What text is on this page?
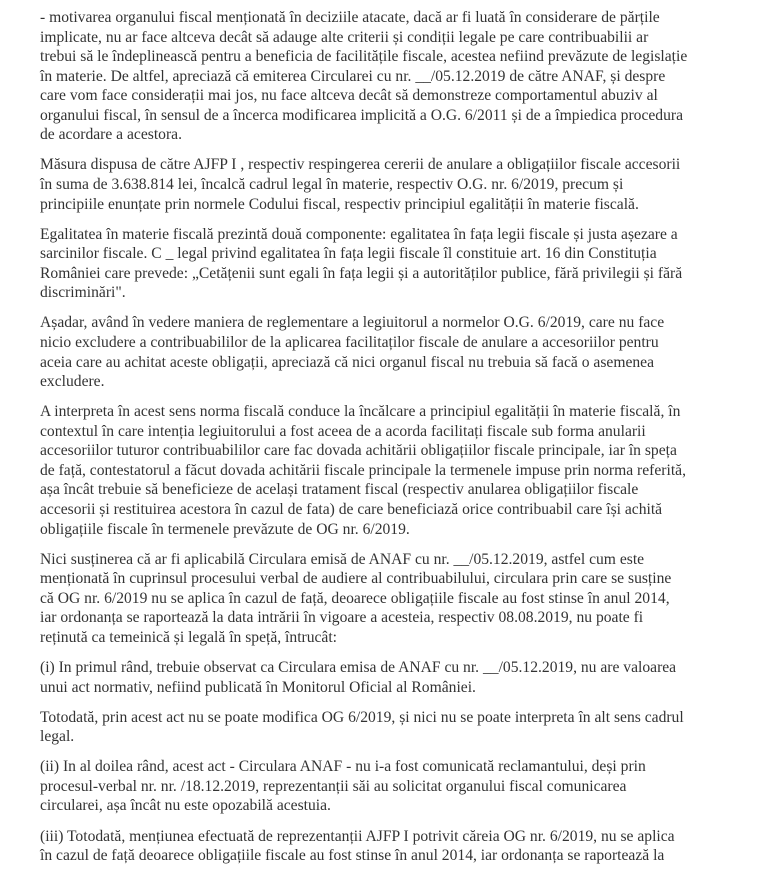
- motivarea organului fiscal menționată în deciziile atacate, dacă ar fi luată în considerare de părțile
implicate, nu ar face altceva decât să adauge alte criterii și condiții legale pe care contribuabilii ar
trebui să le îndeplinească pentru a beneficia de facilitățile fiscale, acestea nefiind prevăzute de legislație
în materie. De altfel, apreciază că emiterea Circularei cu nr. __/05.12.2019 de către ANAF, și despre
care vom face considerații mai jos, nu face altceva decât să demonstreze comportamentul abuziv al
organului fiscal, în sensul de a încerca modificarea implicită a O.G. 6/2011 și de a împiedica procedura
de acordare a acestora.

Măsura dispusa de către AJFP I , respectiv respingerea cererii de anulare a obligațiilor fiscale accesorii
în suma de 3.638.814 lei, încalcă cadrul legal în materie, respectiv O.G. nr. 6/2019, precum și
principiile enunțate prin normele Codului fiscal, respectiv principiul egalității în materie fiscală.

Egalitatea în materie fiscală prezintă două componente: egalitatea în fața legii fiscale și justa așezare a
sarcinilor fiscale. C _ legal privind egalitatea în fața legii fiscale îl constituie art. 16 din Constituția
României care prevede: „Cetățenii sunt egali în fața legii și a autorităților publice, fără privilegii și fără
discriminări".

Așadar, având în vedere maniera de reglementare a legiuitorul a normelor O.G. 6/2019, care nu face
nicio excludere a contribuabililor de la aplicarea facilitaților fiscale de anulare a accesoriilor pentru
aceia care au achitat aceste obligații, apreciază că nici organul fiscal nu trebuia să facă o asemenea
excludere.

A interpreta în acest sens norma fiscală conduce la încălcare a principiul egalității în materie fiscală, în
contextul în care intenția legiuitorului a fost aceea de a acorda facilitați fiscale sub forma anularii
accesoriilor tuturor contribuabililor care fac dovada achitării obligațiilor fiscale principale, iar în speța
de față, contestatorul a făcut dovada achitării fiscale principale la termenele impuse prin norma referită,
așa încât trebuie să beneficieze de același tratament fiscal (respectiv anularea obligațiilor fiscale
accesorii și restituirea acestora în cazul de fata) de care beneficiază orice contribuabil care își achită
obligațiile fiscale în termenele prevăzute de OG nr. 6/2019.

Nici susținerea că ar fi aplicabilă Circulara emisă de ANAF cu nr. __/05.12.2019, astfel cum este
menționată în cuprinsul procesului verbal de audiere al contribuabilului, circulara prin care se susține
că OG nr. 6/2019 nu se aplica în cazul de față, deoarece obligațiile fiscale au fost stinse în anul 2014,
iar ordonanța se raportează la data intrării în vigoare a acesteia, respectiv 08.08.2019, nu poate fi
reținută ca temeinică și legală în speță, întrucât:

(i) In primul rând, trebuie observat ca Circulara emisa de ANAF cu nr. __/05.12.2019, nu are valoarea
unui act normativ, nefiind publicată în Monitorul Oficial al României.

Totodată, prin acest act nu se poate modifica OG 6/2019, și nici nu se poate interpreta în alt sens cadrul
legal.

(ii) In al doilea rând, acest act - Circulara ANAF - nu i-a fost comunicată reclamantului, deși prin
procesul-verbal nr. nr. /18.12.2019, reprezentanții săi au solicitat organului fiscal comunicarea
circularei, așa încât nu este opozabilă acestuia.

(iii) Totodată, mențiunea efectuată de reprezentanții AJFP I potrivit căreia OG nr. 6/2019, nu se aplica
în cazul de față deoarece obligațiile fiscale au fost stinse în anul 2014, iar ordonanța se raportează la
